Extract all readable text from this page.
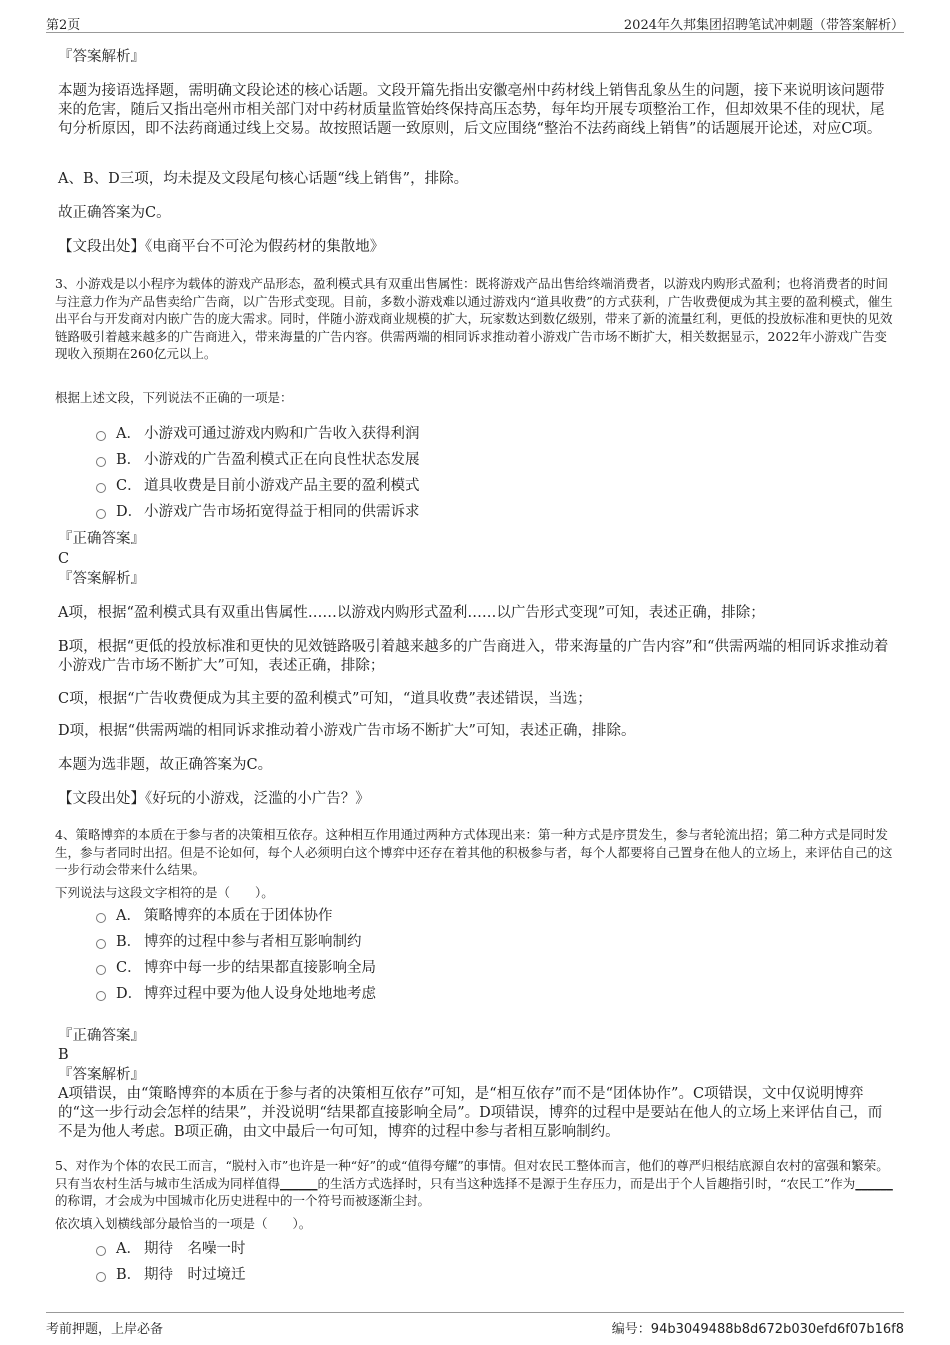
第2页	2024年久邦集团招聘笔试冲刺题（带答案解析）
『答案解析』
本题为接语选择题，需明确文段论述的核心话题。文段开篇先指出安徽亳州中药材线上销售乱象丛生的问题，接下来说明该问题带来的危害，随后又指出亳州市相关部门对中药材质量监管始终保持高压态势，每年均开展专项整治工作，但却效果不佳的现状，尾句分析原因，即不法药商通过线上交易。故按照话题一致原则，后文应围绕“整治不法药商线上销售”的话题展开论述，对应C项。
A、B、D三项，均未提及文段尾句核心话题“线上销售”，排除。
故正确答案为C。
【文段出处】《电商平台不可沦为假药材的集散地》
3、小游戏是以小程序为载体的游戏产品形态，盈利模式具有双重出售属性：既将游戏产品出售给终端消费者，以游戏内购形式盈利；也将消费者的时间与注意力作为产品售卖给广告商，以广告形式变现。目前，多数小游戏难以通过游戏内“道具收费”的方式获利，广告收费便成为其主要的盈利模式，催生出平台与开发商对内嵌广告的庞大需求。同时，伴随小游戏商业规模的扩大，玩家数达到数亿级别，带来了新的流量红利，更低的投放标准和更快的见效链路吸引着越来越多的广告商进入，带来海量的广告内容。供需两端的相同诉求推动着小游戏广告市场不断扩大，相关数据显示，2022年小游戏广告变现收入预期在260亿元以上。
根据上述文段，下列说法不正确的一项是：
A． 小游戏可通过游戏内购和广告收入获得利润
B． 小游戏的广告盈利模式正在向良性状态发展
C． 道具收费是目前小游戏产品主要的盈利模式
D． 小游戏广告市场拓宽得益于相同的供需诉求
『正确答案』
C
『答案解析』
A项，根据“盈利模式具有双重出售属性……以游戏内购形式盈利……以广告形式变现”可知，表述正确，排除；
B项，根据“更低的投放标准和更快的见效链路吸引着越来越多的广告商进入，带来海量的广告内容”和“供需两端的相同诉求推动着小游戏广告市场不断扩大”可知，表述正确，排除；
C项，根据“广告收费便成为其主要的盈利模式”可知，“道具收费”表述错误，当选；
D项，根据“供需两端的相同诉求推动着小游戏广告市场不断扩大”可知，表述正确，排除。
本题为选非题，故正确答案为C。
【文段出处】《好玩的小游戏，泛滥的小广告？》
4、策略博弈的本质在于参与者的决策相互依存。这种相互作用通过两种方式体现出来：第一种方式是序贯发生，参与者轮流出招；第二种方式是同时发生，参与者同时出招。但是不论如何，每个人必须明白这个博弈中还存在着其他的积极参与者，每个人都要将自己置身在他人的立场上，来评估自己的这一步行动会带来什么结果。
下列说法与这段文字相符的是（　　）。
A． 策略博弈的本质在于团体协作
B． 博弈的过程中参与者相互影响制约
C． 博弈中每一步的结果都直接影响全局
D． 博弈过程中要为他人设身处地地考虑
『正确答案』
B
『答案解析』
A项错误，由“策略博弈的本质在于参与者的决策相互依存”可知，是“相互依存”而不是“团体协作”。C项错误，文中仅说明博弈的“这一步行动会怎样的结果”，并没说明“结果都直接影响全局”。D项错误，博弈的过程中是要站在他人的立场上来评估自己，而不是为他人考虑。B项正确，由文中最后一句可知，博弈的过程中参与者相互影响制约。
5、对作为个体的农民工而言，“脱村入市”也许是一种“好”的或“值得夸耀”的事情。但对农民工整体而言，他们的尊严归根结底源自农村的富强和繁荣。只有当农村生活与城市生活成为同样值得______的生活方式选择时，只有当这种选择不是源于生存压力，而是出于个人旨趣指引时，“农民工”作为______的称谓，才会成为中国城市化历史进程中的一个符号而被逐渐尘封。
依次填入划横线部分最恰当的一项是（　　）。
A． 期待　名噪一时
B． 期待　时过境迁
考前押题，上岸必备	编号：94b3049488b8d672b030efd6f07b16f8
